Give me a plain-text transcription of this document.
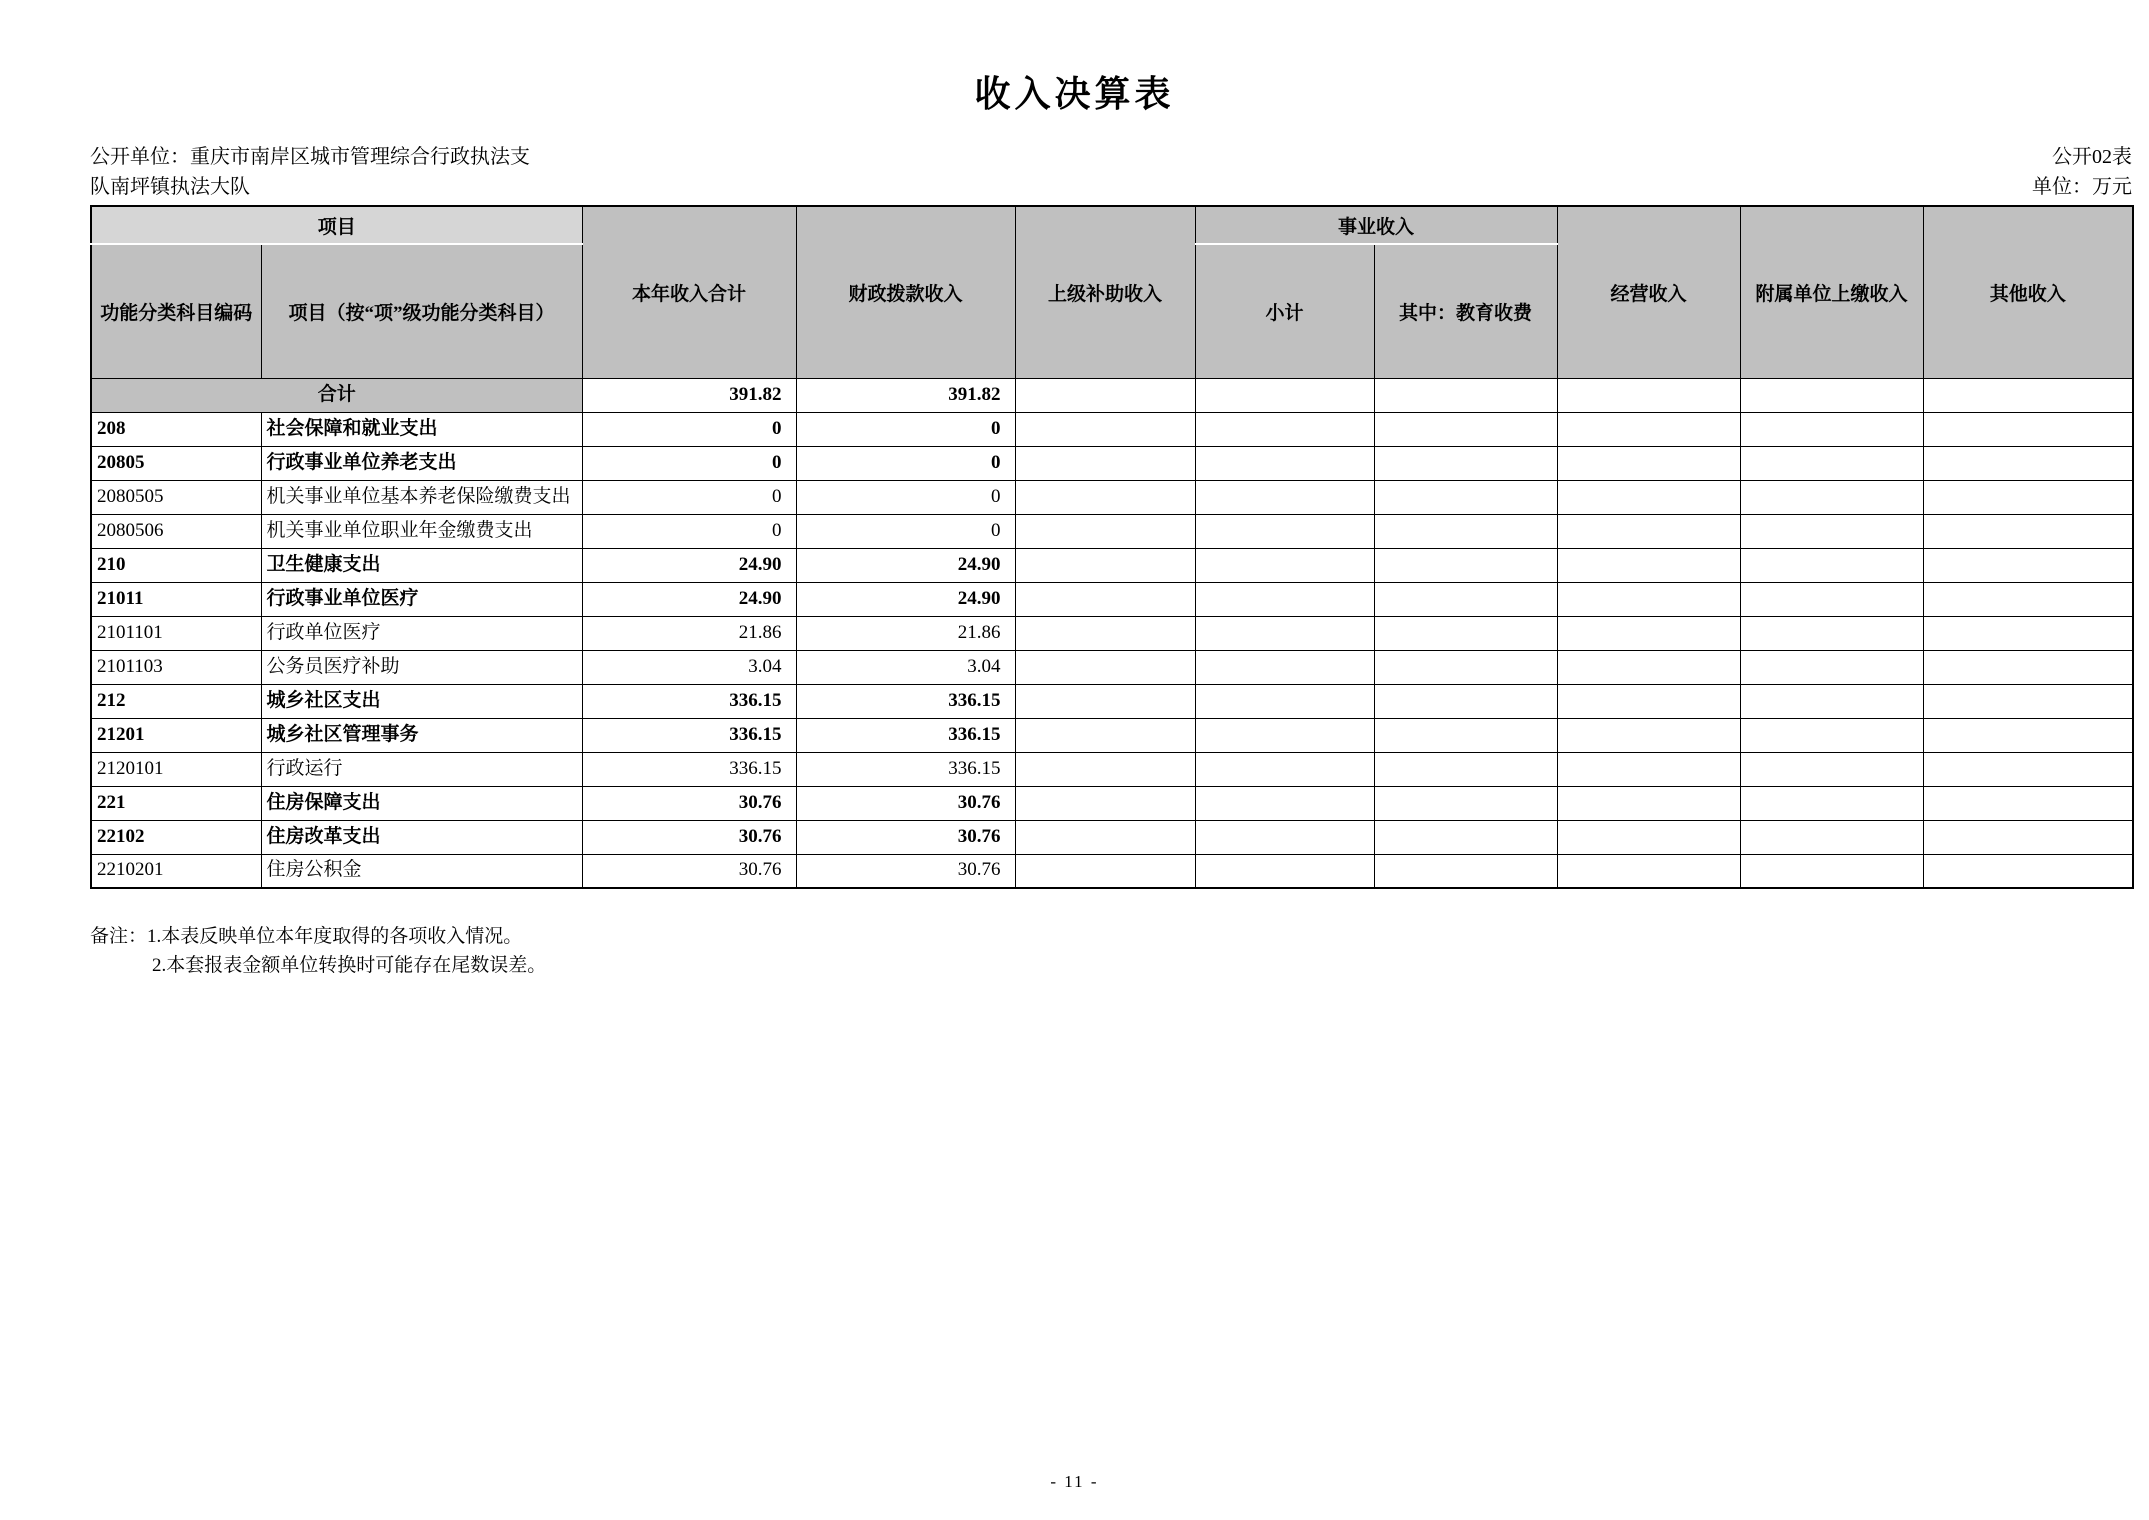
收入决算表
公开单位：重庆市南岸区城市管理综合行政执法支
队南坪镇执法大队
公开02表
单位：万元
项目		本年收入合计	财政拨款收入	上级补助收入	事业收入		经营收入	附属单位上缴收入	其他收入
功能分类科目编码	项目（按“项”级功能分类科目）				小计	其中：教育收费			
合计		391.82	391.82						
208	社会保障和就业支出	0	0						
20805	行政事业单位养老支出	0	0						
2080505	机关事业单位基本养老保险缴费支出	0	0						
2080506	机关事业单位职业年金缴费支出	0	0						
210	卫生健康支出	24.90	24.90						
21011	行政事业单位医疗	24.90	24.90						
2101101	行政单位医疗	21.86	21.86						
2101103	公务员医疗补助	3.04	3.04						
212	城乡社区支出	336.15	336.15						
21201	城乡社区管理事务	336.15	336.15						
2120101	行政运行	336.15	336.15						
221	住房保障支出	30.76	30.76						
22102	住房改革支出	30.76	30.76						
2210201	住房公积金	30.76	30.76						
备注：1.本表反映单位本年度取得的各项收入情况。
2.本套报表金额单位转换时可能存在尾数误差。
- 11 -
